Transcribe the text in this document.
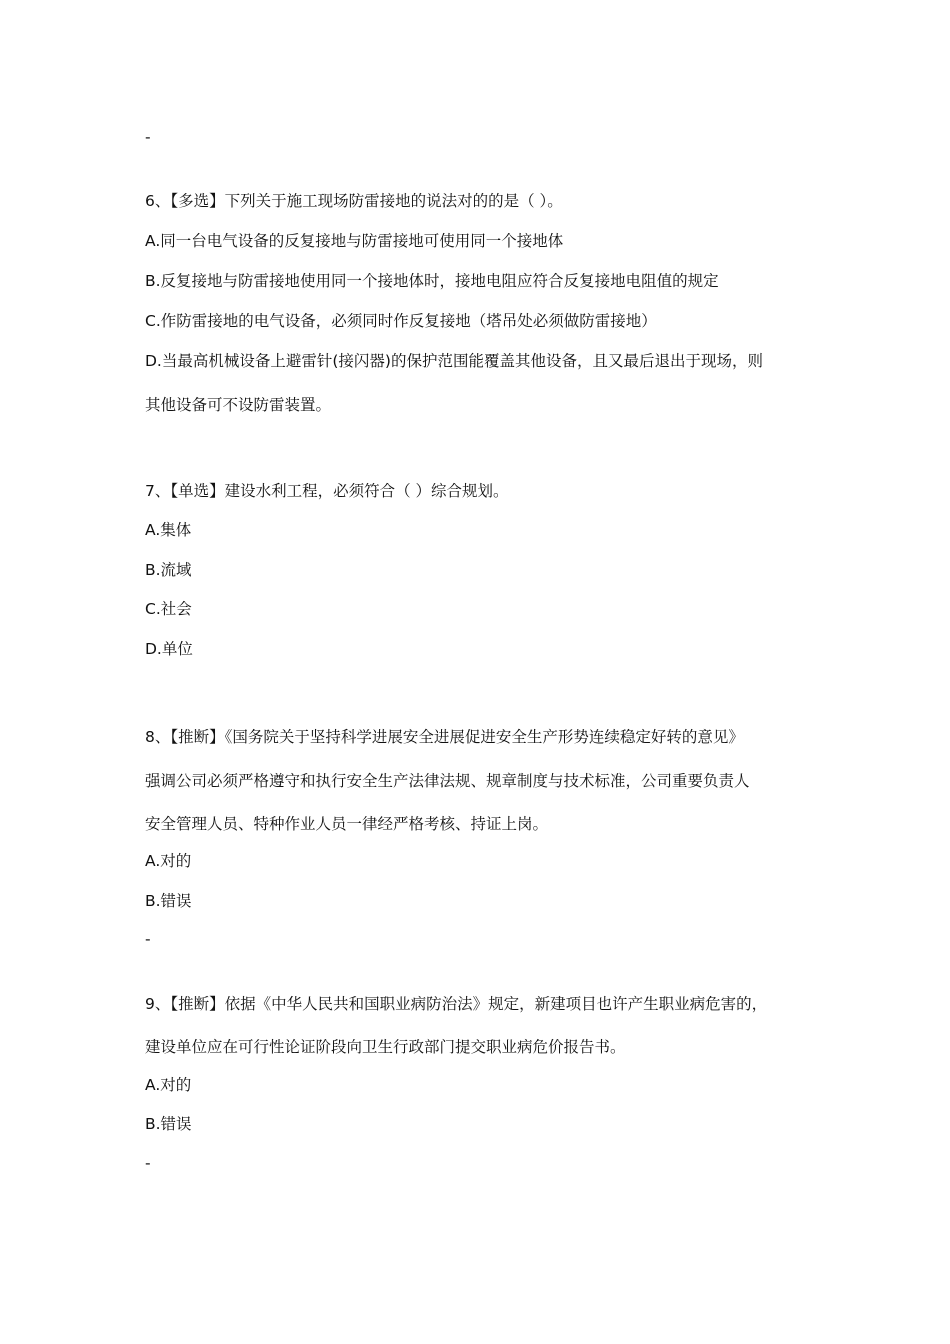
-
6、【多选】下列关于施工现场防雷接地的说法对的的是（ ）。
A.同一台电气设备的反复接地与防雷接地可使用同一个接地体
B.反复接地与防雷接地使用同一个接地体时，接地电阻应符合反复接地电阻值的规定
C.作防雷接地的电气设备，必须同时作反复接地（塔吊处必须做防雷接地）
D.当最高机械设备上避雷针(接闪器)的保护范围能覆盖其他设备，且又最后退出于现场，则
其他设备可不设防雷装置。
7、【单选】建设水利工程，必须符合（ ）综合规划。
A.集体
B.流域
C.社会
D.单位
8、【推断】《国务院关于坚持科学进展安全进展促进安全生产形势连续稳定好转的意见》
强调公司必须严格遵守和执行安全生产法律法规、规章制度与技术标准，公司重要负责人
安全管理人员、特种作业人员一律经严格考核、持证上岗。
A.对的
B.错误
-
9、【推断】依据《中华人民共和国职业病防治法》规定，新建项目也许产生职业病危害的，
建设单位应在可行性论证阶段向卫生行政部门提交职业病危价报告书。
A.对的
B.错误
-
